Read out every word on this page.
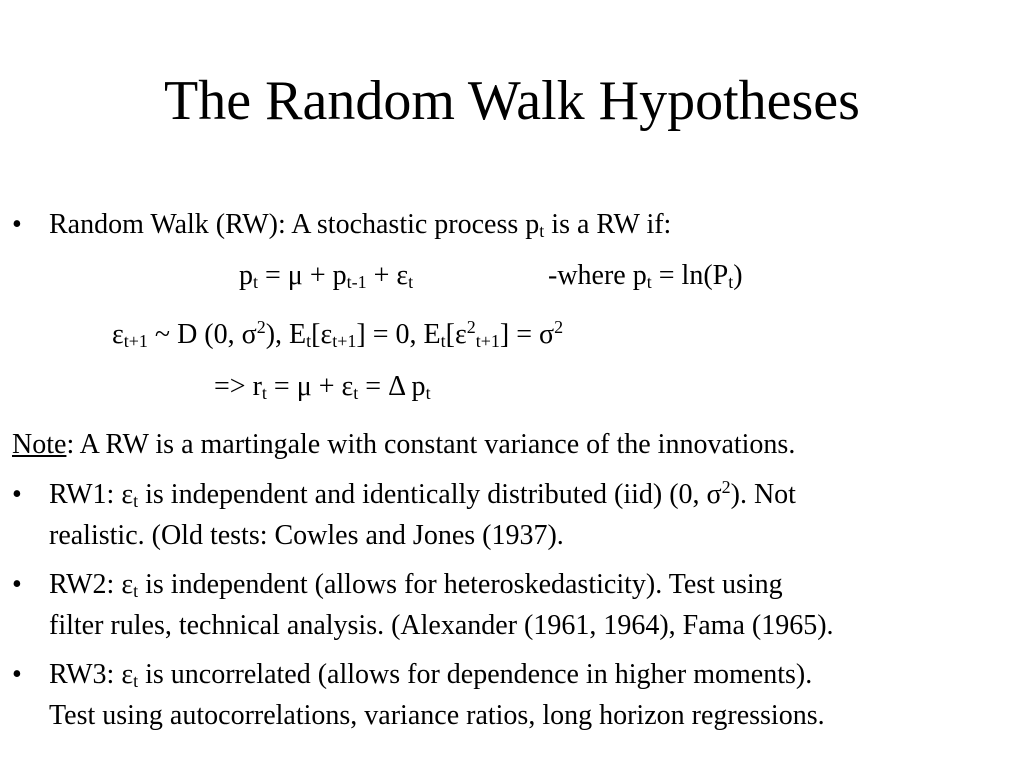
The Random Walk Hypotheses
• Random Walk (RW): A stochastic process $p_t$ is a RW if:
$p_t = \mu + p_{t-1} + \varepsilon_t$	-where $p_t = \ln(P_t)$
$\varepsilon_{t+1}$ ~ D (0, $\sigma^2$), $E_t[\varepsilon_{t+1}] = 0$, $E_t[\varepsilon^2_{t+1}] = \sigma^2$
=> $r_t = \mu + \varepsilon_t = \Delta$ $p_t$
Note: A RW is a martingale with constant variance of the innovations.
• RW1: $\varepsilon_t$ is independent and identically distributed (iid) (0, $\sigma^2$). Not
realistic. (Old tests: Cowles and Jones (1937).
• RW2: $\varepsilon_t$ is independent (allows for heteroskedasticity). Test using
filter rules, technical analysis. (Alexander (1961, 1964), Fama (1965).
• RW3: $\varepsilon_t$ is uncorrelated (allows for dependence in higher moments).
Test using autocorrelations, variance ratios, long horizon regressions.
